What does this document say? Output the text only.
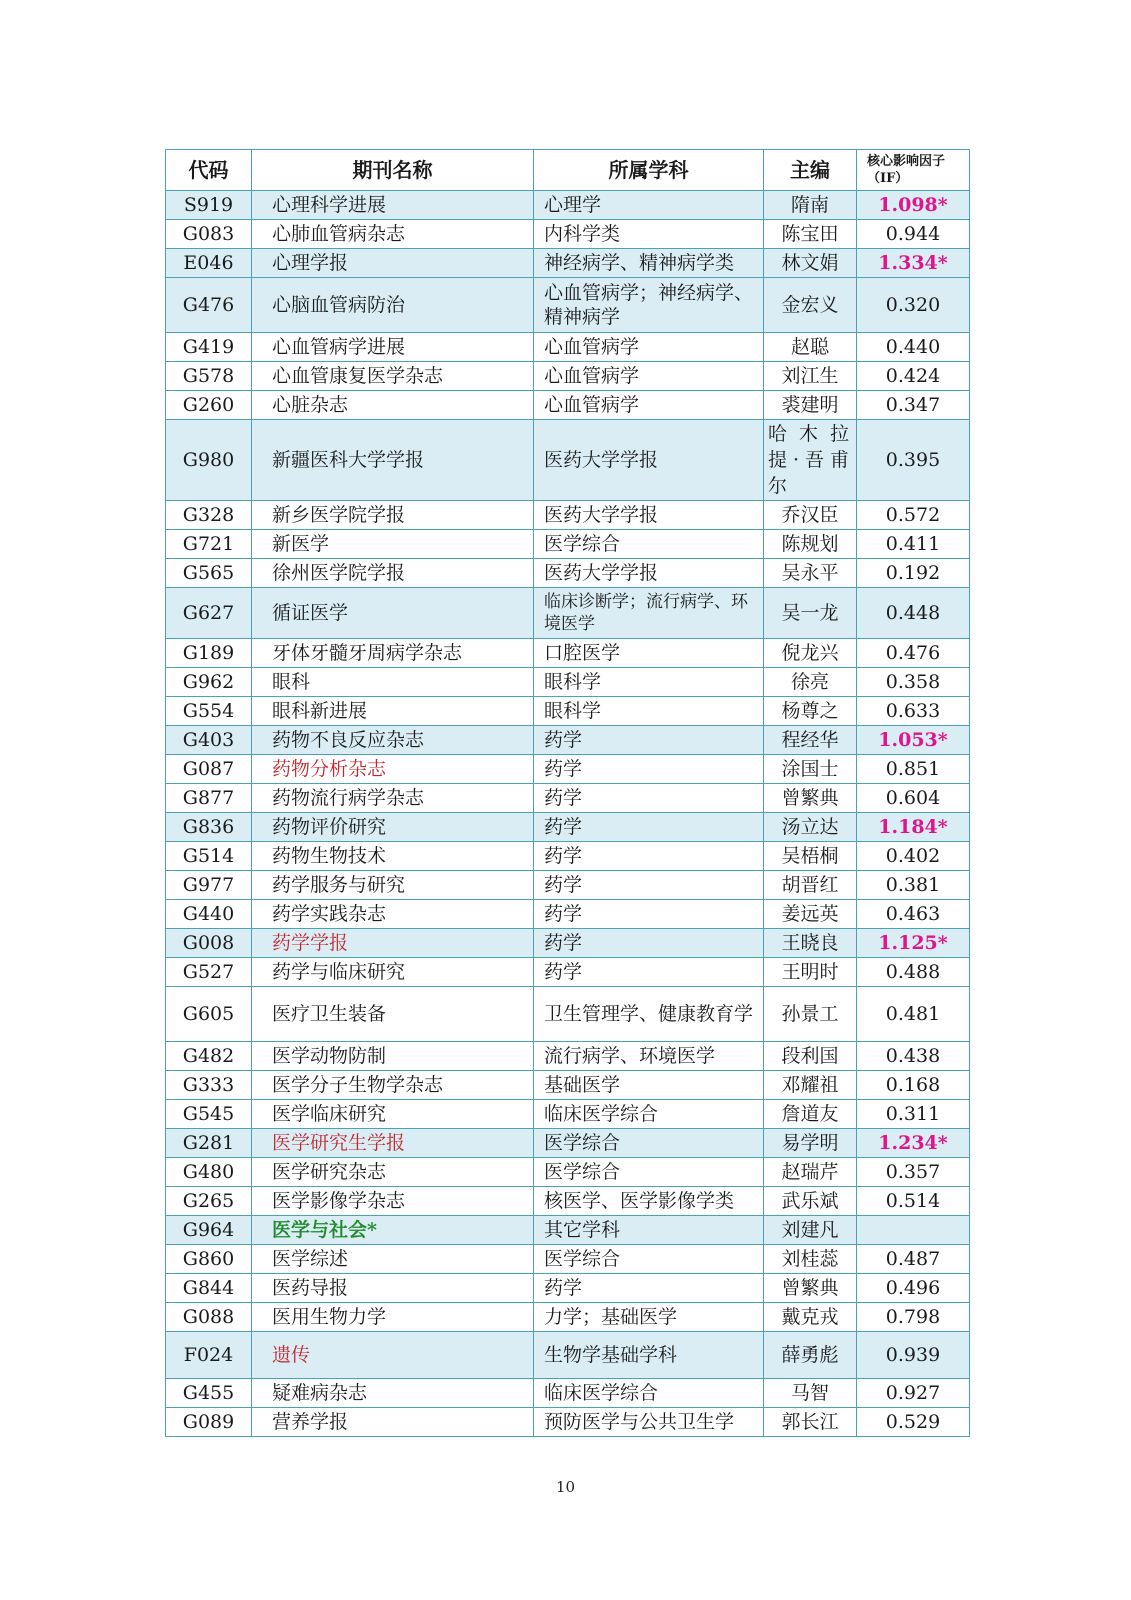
代码	期刊名称	所属学科	主编	核心影响因子（IF）
S919	心理科学进展	心理学	隋南	1.098*
G083	心肺血管病杂志	内科学类	陈宝田	0.944
E046	心理学报	神经病学、精神病学类	林文娟	1.334*
G476	心脑血管病防治	心血管病学；神经病学、精神病学	金宏义	0.320
G419	心血管病学进展	心血管病学	赵聪	0.440
G578	心血管康复医学杂志	心血管病学	刘江生	0.424
G260	心脏杂志	心血管病学	裘建明	0.347
G980	新疆医科大学学报	医药大学学报	哈木拉提·吾甫尔	0.395
G328	新乡医学院学报	医药大学学报	乔汉臣	0.572
G721	新医学	医学综合	陈规划	0.411
G565	徐州医学院学报	医药大学学报	吴永平	0.192
G627	循证医学	临床诊断学；流行病学、环境医学	吴一龙	0.448
G189	牙体牙髓牙周病学杂志	口腔医学	倪龙兴	0.476
G962	眼科	眼科学	徐亮	0.358
G554	眼科新进展	眼科学	杨尊之	0.633
G403	药物不良反应杂志	药学	程经华	1.053*
G087	药物分析杂志	药学	涂国士	0.851
G877	药物流行病学杂志	药学	曾繁典	0.604
G836	药物评价研究	药学	汤立达	1.184*
G514	药物生物技术	药学	吴梧桐	0.402
G977	药学服务与研究	药学	胡晋红	0.381
G440	药学实践杂志	药学	姜远英	0.463
G008	药学学报	药学	王晓良	1.125*
G527	药学与临床研究	药学	王明时	0.488
G605	医疗卫生装备	卫生管理学、健康教育学	孙景工	0.481
G482	医学动物防制	流行病学、环境医学	段利国	0.438
G333	医学分子生物学杂志	基础医学	邓耀祖	0.168
G545	医学临床研究	临床医学综合	詹道友	0.311
G281	医学研究生学报	医学综合	易学明	1.234*
G480	医学研究杂志	医学综合	赵瑞芹	0.357
G265	医学影像学杂志	核医学、医学影像学类	武乐斌	0.514
G964	医学与社会*	其它学科	刘建凡	
G860	医学综述	医学综合	刘桂蕊	0.487
G844	医药导报	药学	曾繁典	0.496
G088	医用生物力学	力学；基础医学	戴克戎	0.798
F024	遗传	生物学基础学科	薛勇彪	0.939
G455	疑难病杂志	临床医学综合	马智	0.927
G089	营养学报	预防医学与公共卫生学	郭长江	0.529
10
